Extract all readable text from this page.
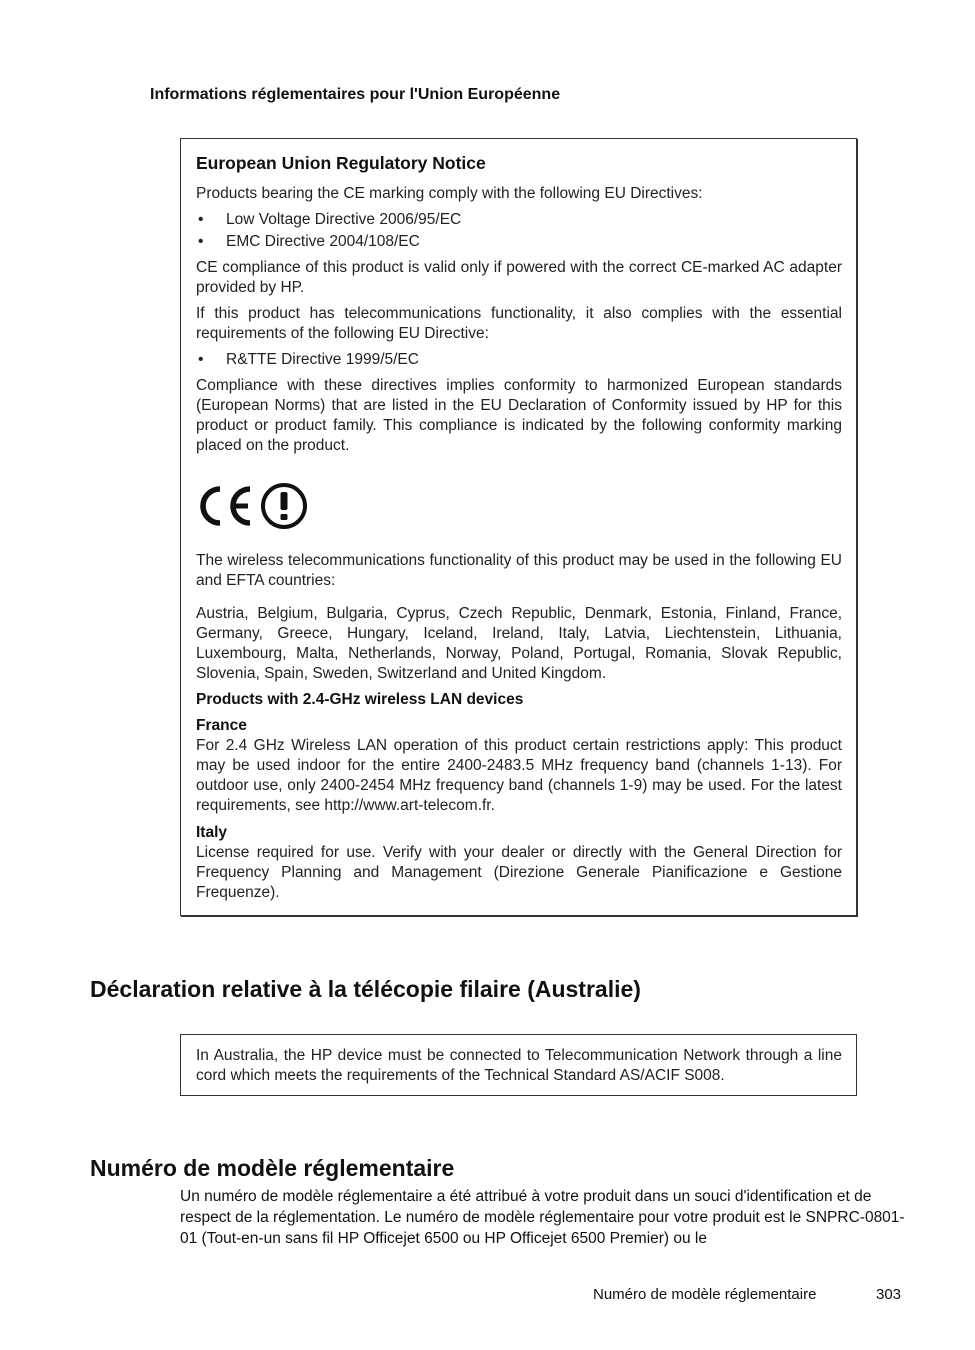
Informations réglementaires pour l'Union Européenne

European Union Regulatory Notice

Products bearing the CE marking comply with the following EU Directives:

• Low Voltage Directive 2006/95/EC
• EMC Directive 2004/108/EC

CE compliance of this product is valid only if powered with the correct CE-marked AC adapter provided by HP.

If this product has telecommunications functionality, it also complies with the essential requirements of the following EU Directive:

• R&TTE Directive 1999/5/EC

Compliance with these directives implies conformity to harmonized European standards (European Norms) that are listed in the EU Declaration of Conformity issued by HP for this product or product family. This compliance is indicated by the following conformity marking placed on the product.

The wireless telecommunications functionality of this product may be used in the following EU and EFTA countries:

Austria, Belgium, Bulgaria, Cyprus, Czech Republic, Denmark, Estonia, Finland, France, Germany, Greece, Hungary, Iceland, Ireland, Italy, Latvia, Liechtenstein, Lithuania, Luxembourg, Malta, Netherlands, Norway, Poland, Portugal, Romania, Slovak Republic, Slovenia, Spain, Sweden, Switzerland and United Kingdom.

Products with 2.4-GHz wireless LAN devices

France

For 2.4 GHz Wireless LAN operation of this product certain restrictions apply: This product may be used indoor for the entire 2400-2483.5 MHz frequency band (channels 1-13). For outdoor use, only 2400-2454 MHz frequency band (channels 1-9) may be used. For the latest requirements, see http://www.art-telecom.fr.

Italy

License required for use. Verify with your dealer or directly with the General Direction for Frequency Planning and Management (Direzione Generale Pianificazione e Gestione Frequenze).

Déclaration relative à la télécopie filaire (Australie)

In Australia, the HP device must be connected to Telecommunication Network through a line cord which meets the requirements of the Technical Standard AS/ACIF S008.

Numéro de modèle réglementaire
Un numéro de modèle réglementaire a été attribué à votre produit dans un souci d'identification et de respect de la réglementation. Le numéro de modèle réglementaire pour votre produit est le SNPRC-0801-01 (Tout-en-un sans fil HP Officejet 6500 ou HP Officejet 6500 Premier) ou le
Numéro de modèle réglementaire	303
